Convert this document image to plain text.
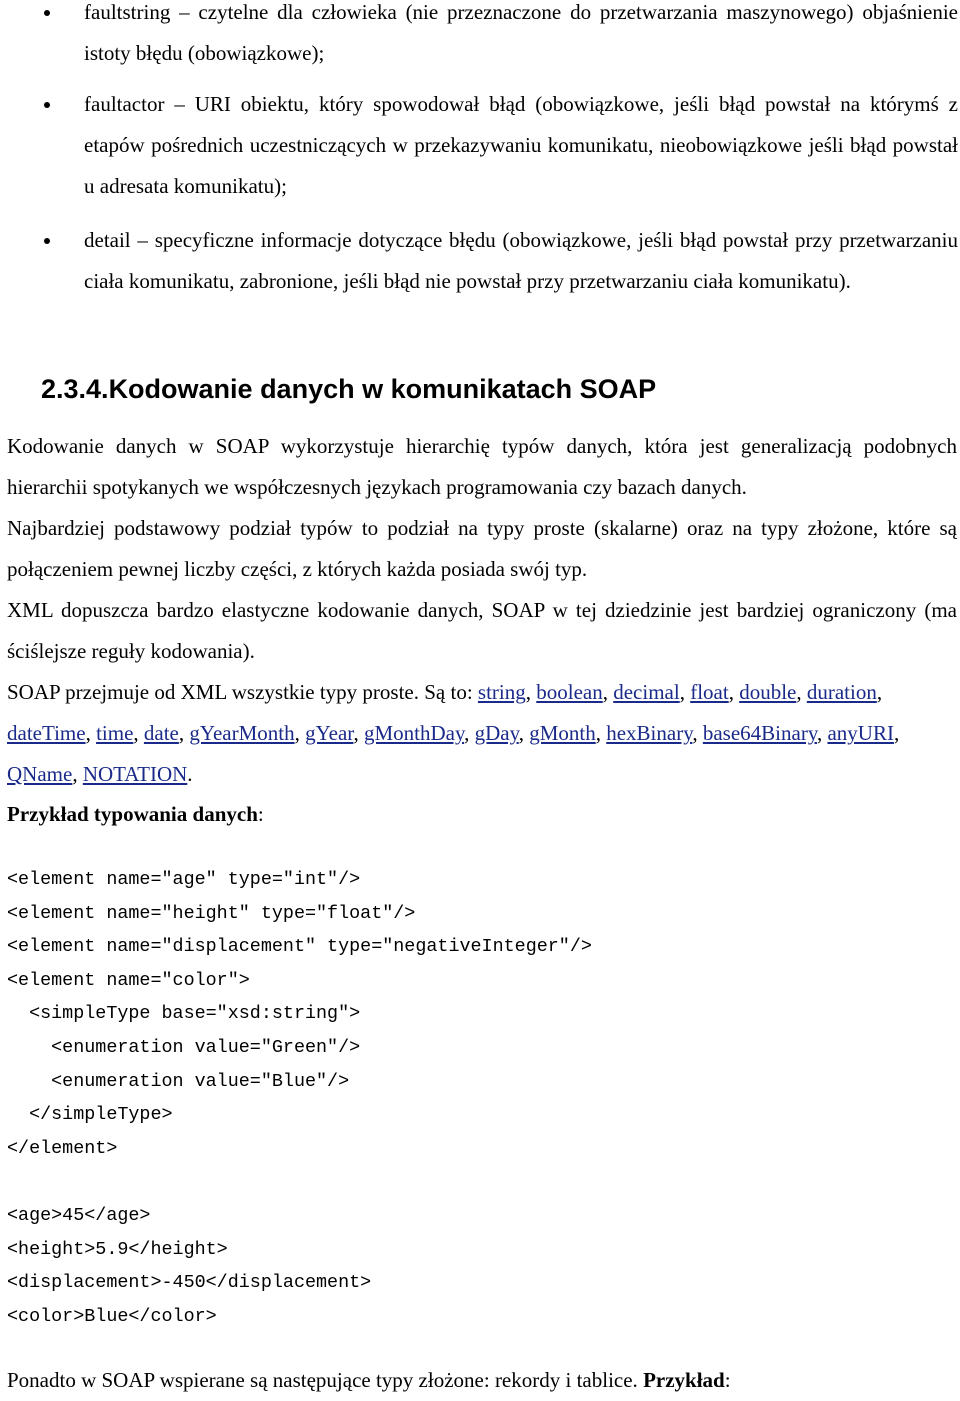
faultstring – czytelne dla człowieka (nie przeznaczone do przetwarzania maszynowego) objaśnienie istoty błędu (obowiązkowe);
faultactor – URI obiektu, który spowodował błąd (obowiązkowe, jeśli błąd powstał na którymś z etapów pośrednich uczestniczących w przekazywaniu komunikatu, nieobowiązkowe jeśli błąd powstał u adresata komunikatu);
detail – specyficzne informacje dotyczące błędu (obowiązkowe, jeśli błąd powstał przy przetwarzaniu ciała komunikatu, zabronione, jeśli błąd nie powstał przy przetwarzaniu ciała komunikatu).
2.3.4.Kodowanie danych w komunikatach SOAP

Kodowanie danych w SOAP wykorzystuje hierarchię typów danych, która jest generalizacją podobnych hierarchii spotykanych we współczesnych językach programowania czy bazach danych.

Najbardziej podstawowy podział typów to podział na typy proste (skalarne) oraz na typy złożone, które są połączeniem pewnej liczby części, z których każda posiada swój typ.

XML dopuszcza bardzo elastyczne kodowanie danych, SOAP w tej dziedzinie jest bardziej ograniczony (ma ściślejsze reguły kodowania).

SOAP przejmuje od XML wszystkie typy proste. Są to: string, boolean, decimal, float, double, duration, dateTime, time, date, gYearMonth, gYear, gMonthDay, gDay, gMonth, hexBinary, base64Binary, anyURI, QName, NOTATION.

Przykład typowania danych:

<element name="age" type="int"/>
<element name="height" type="float"/>
<element name="displacement" type="negativeInteger"/>
<element name="color">
<simpleType base="xsd:string">
<enumeration value="Green"/>
<enumeration value="Blue"/>
</simpleType>
</element>
<age>45</age>
<height>5.9</height>
<displacement>-450</displacement>
<color>Blue</color>

Ponadto w SOAP wspierane są następujące typy złożone: rekordy i tablice. Przykład:
